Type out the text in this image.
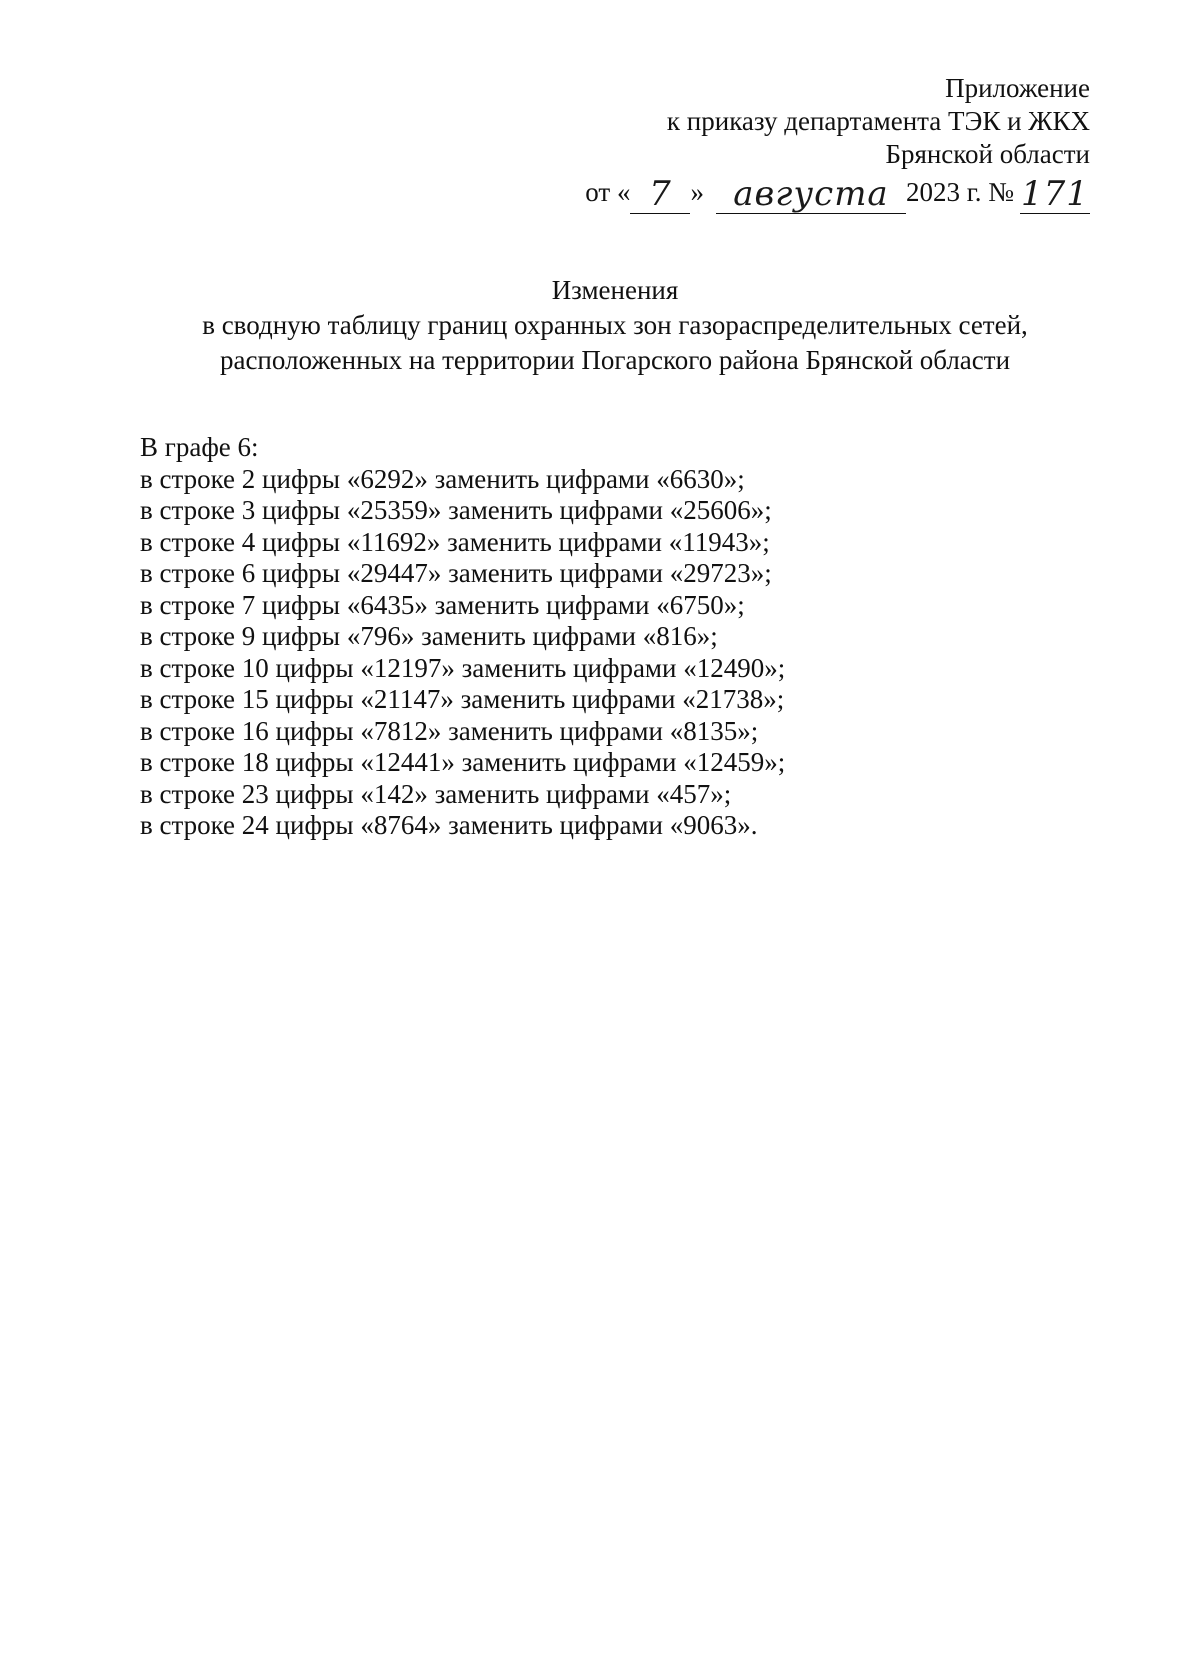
Приложение
к приказу департамента ТЭК и ЖКХ
Брянской области
от « 7 » августа 2023 г. № 171
Изменения
в сводную таблицу границ охранных зон газораспределительных сетей,
расположенных на территории Погарского района Брянской области
В графе 6:
в строке 2 цифры «6292» заменить цифрами «6630»;
в строке 3 цифры «25359» заменить цифрами «25606»;
в строке 4 цифры «11692» заменить цифрами «11943»;
в строке 6 цифры «29447» заменить цифрами «29723»;
в строке 7 цифры «6435» заменить цифрами «6750»;
в строке 9 цифры «796» заменить цифрами «816»;
в строке 10 цифры «12197» заменить цифрами «12490»;
в строке 15 цифры «21147» заменить цифрами «21738»;
в строке 16 цифры «7812» заменить цифрами «8135»;
в строке 18 цифры «12441» заменить цифрами «12459»;
в строке 23 цифры «142» заменить цифрами «457»;
в строке 24 цифры «8764» заменить цифрами «9063».
